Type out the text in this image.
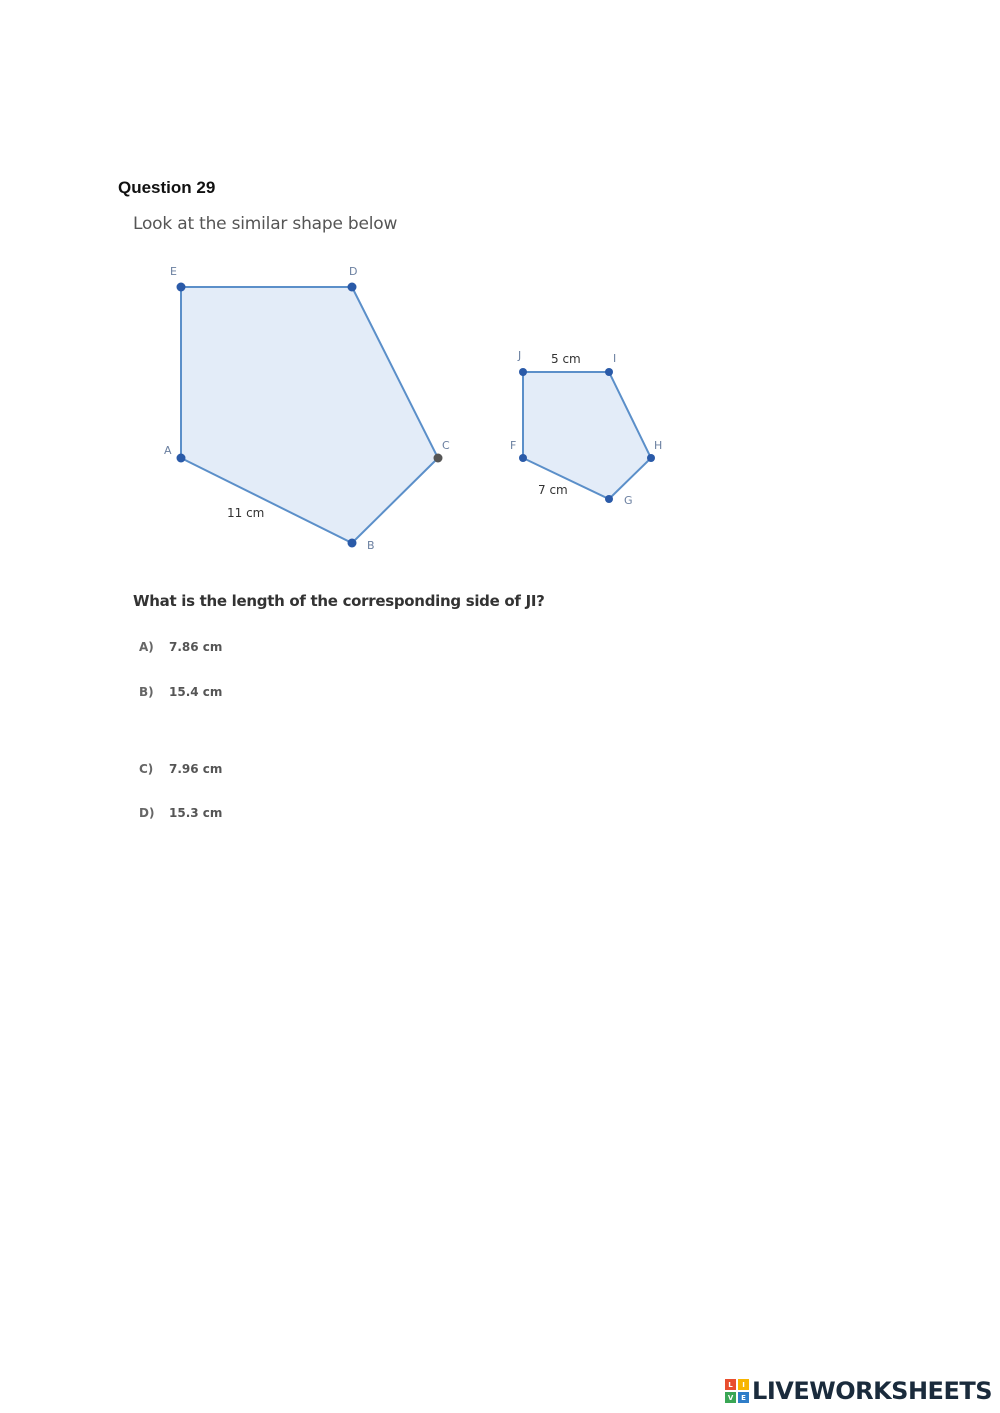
Question 29
Look at the similar shape below
A
B
C
D
E
11 cm
F
G
H
I
J 5 cm
7 cm
What is the length of the corresponding side of JI?
A) 7.86 cm
B) 15.4 cm
C) 7.96 cm
D) 15.3 cm
L	I
V	E LIVEWORKSHEETS
